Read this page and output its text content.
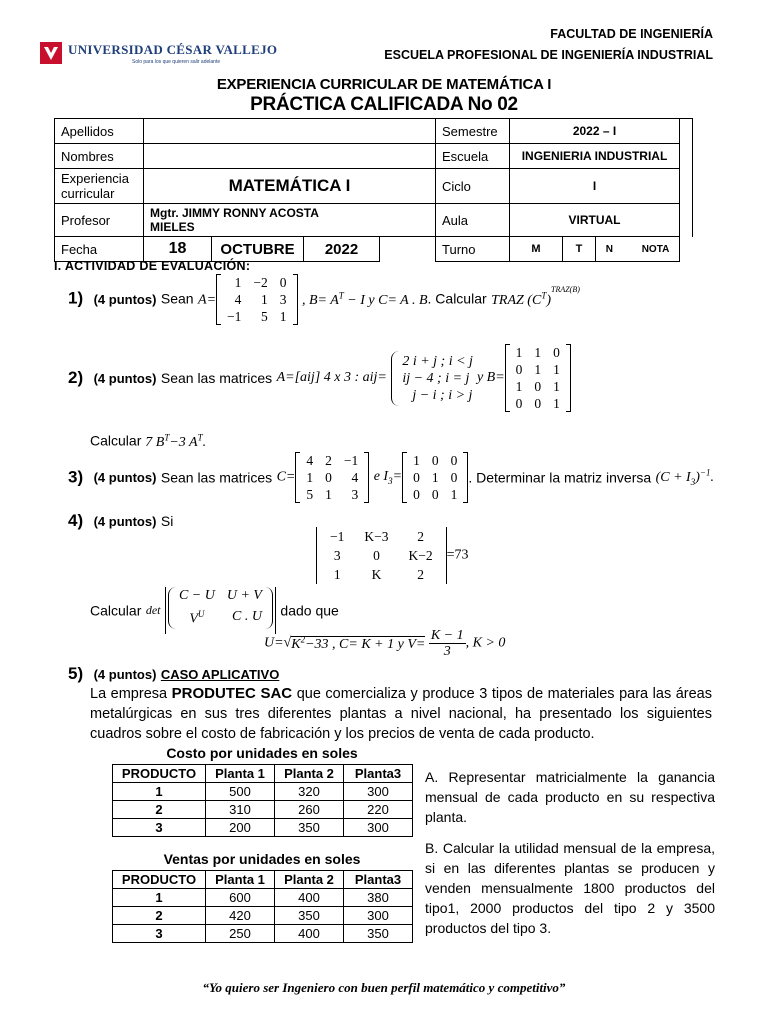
UNIVERSIDAD CÉSAR VALLEJO
Solo para los que quieren salir adelante
FACULTAD DE INGENIERÍA
ESCUELA PROFESIONAL DE INGENIERÍA INDUSTRIAL
EXPERIENCIA CURRICULAR DE MATEMÁTICA I
PRÁCTICA CALIFICADA No 02
Apellidos					Semestre	2022 – I			
Nombres					Escuela	INGENIERIA INDUSTRIAL			
Experiencia
curricular	MATEMÁTICA I				Ciclo	I			
Profesor	Mgtr. JIMMY RONNY ACOSTA
MIELES				Aula	VIRTUAL			
Fecha	18	OCTUBRE	2022		Turno	M	T	N NOTA	
I. ACTIVIDAD DE EVALUACIÓN:
1) (4 puntos) Sean A=
1	−2	0
4	1	3
−1	5	1
, $B= A^T - I$ y C= A . B. Calcular TRAZ $(C^T)^{TRAZ(B)}$
2) (4 puntos) Sean las matrices A=[aij] 4 x 3 : aij=
2 i + j ; i < j
ij − 4 ; i = j
j − i ; i > j
y B=
1	1	0
0	1	1
1	0	1
0	0	1
Calcular 7 $B^T-3$ $A^T$.
3) (4 puntos) Sean las matrices C=
4	2	−1
1	0	4
5	1	3
e $I_3=$
1	0	0
0	1	0
0	0	1
. Determinar la matriz inversa $(C + I_3)^{-1}$.
4) (4 puntos) Si
−1	K−3	2
3	0	K−2
1	K	2
=73
Calcular det
C − U	U + V
$V^U$	C . U dado que
$U=√K^2-33$ , C= K + 1 y $V= \frac{K - 1}{3}$ , K > 0
5) (4 puntos) CASO APLICATIVO
La empresa PRODUTEC SAC que comercializa y produce 3 tipos de materiales para las áreas metalúrgicas en sus tres diferentes plantas a nivel nacional, ha presentado los siguientes cuadros sobre el costo de fabricación y los precios de venta de cada producto.
Costo por unidades en soles
PRODUCTO	Planta 1	Planta 2	Planta3
1	500	320	300
2	310	260	220
3	200	350	300
Ventas por unidades en soles
PRODUCTO	Planta 1	Planta 2	Planta3
1	600	400	380
2	420	350	300
3	250	400	350
A. Representar matricialmente la ganancia mensual de cada producto en su respectiva planta.
B. Calcular la utilidad mensual de la empresa, si en las diferentes plantas se producen y venden mensualmente 1800 productos del tipo1, 2000 productos del tipo 2 y 3500 productos del tipo 3.
“Yo quiero ser Ingeniero con buen perfil matemático y competitivo”
